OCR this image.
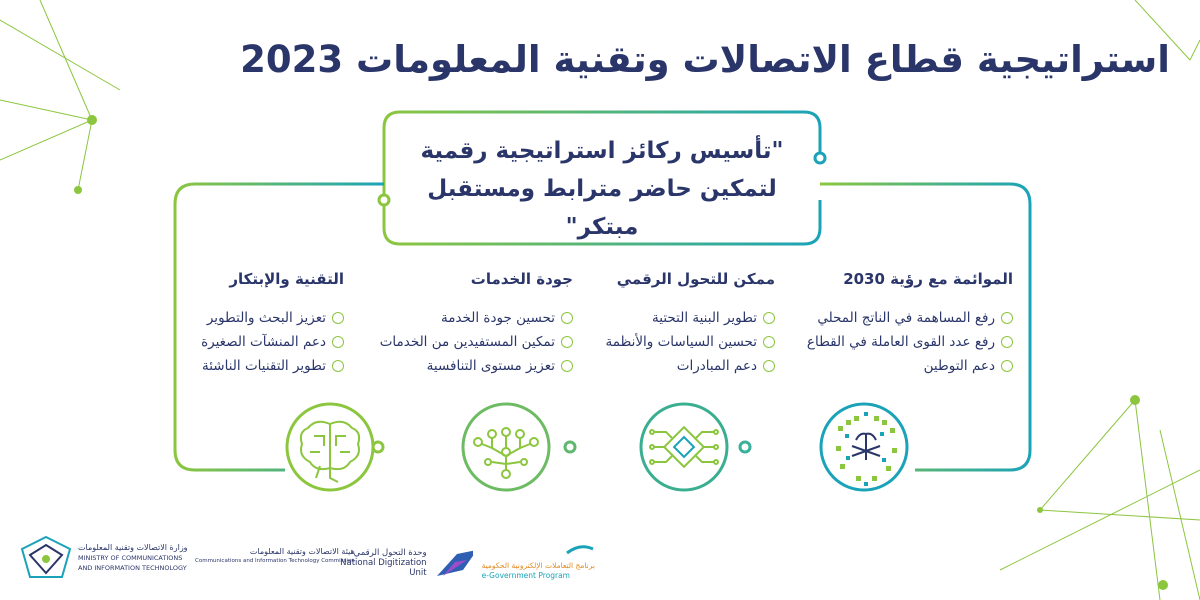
استراتيجية قطاع الاتصالات وتقنية المعلومات 2023
"تأسيس ركائز استراتيجية رقمية
لتمكين حاضر مترابط ومستقبل مبتكر"
الموائمة مع رؤية 2030
رفع المساهمة في الناتج المحلي
رفع عدد القوى العاملة في القطاع
دعم التوطين
ممكن للتحول الرقمي
تطوير البنية التحتية
تحسين السياسات والأنظمة
دعم المبادرات
جودة الخدمات
تحسين جودة الخدمة
تمكين المستفيدين من الخدمات
تعزيز مستوى التنافسية
التقنية والإبتكار
تعزيز البحث والتطوير
دعم المنشآت الصغيرة
تطوير التقنيات الناشئة
برنامج التعاملات الإلكترونية الحكومية
e-Government Program
وحدة التحول الرقمي
National Digitization Unit
هيئة الاتصالات وتقنية المعلومات
Communications and Information Technology Commission
وزارة الاتصالات وتقنية المعلومات
MINISTRY OF COMMUNICATIONS
AND INFORMATION TECHNOLOGY
